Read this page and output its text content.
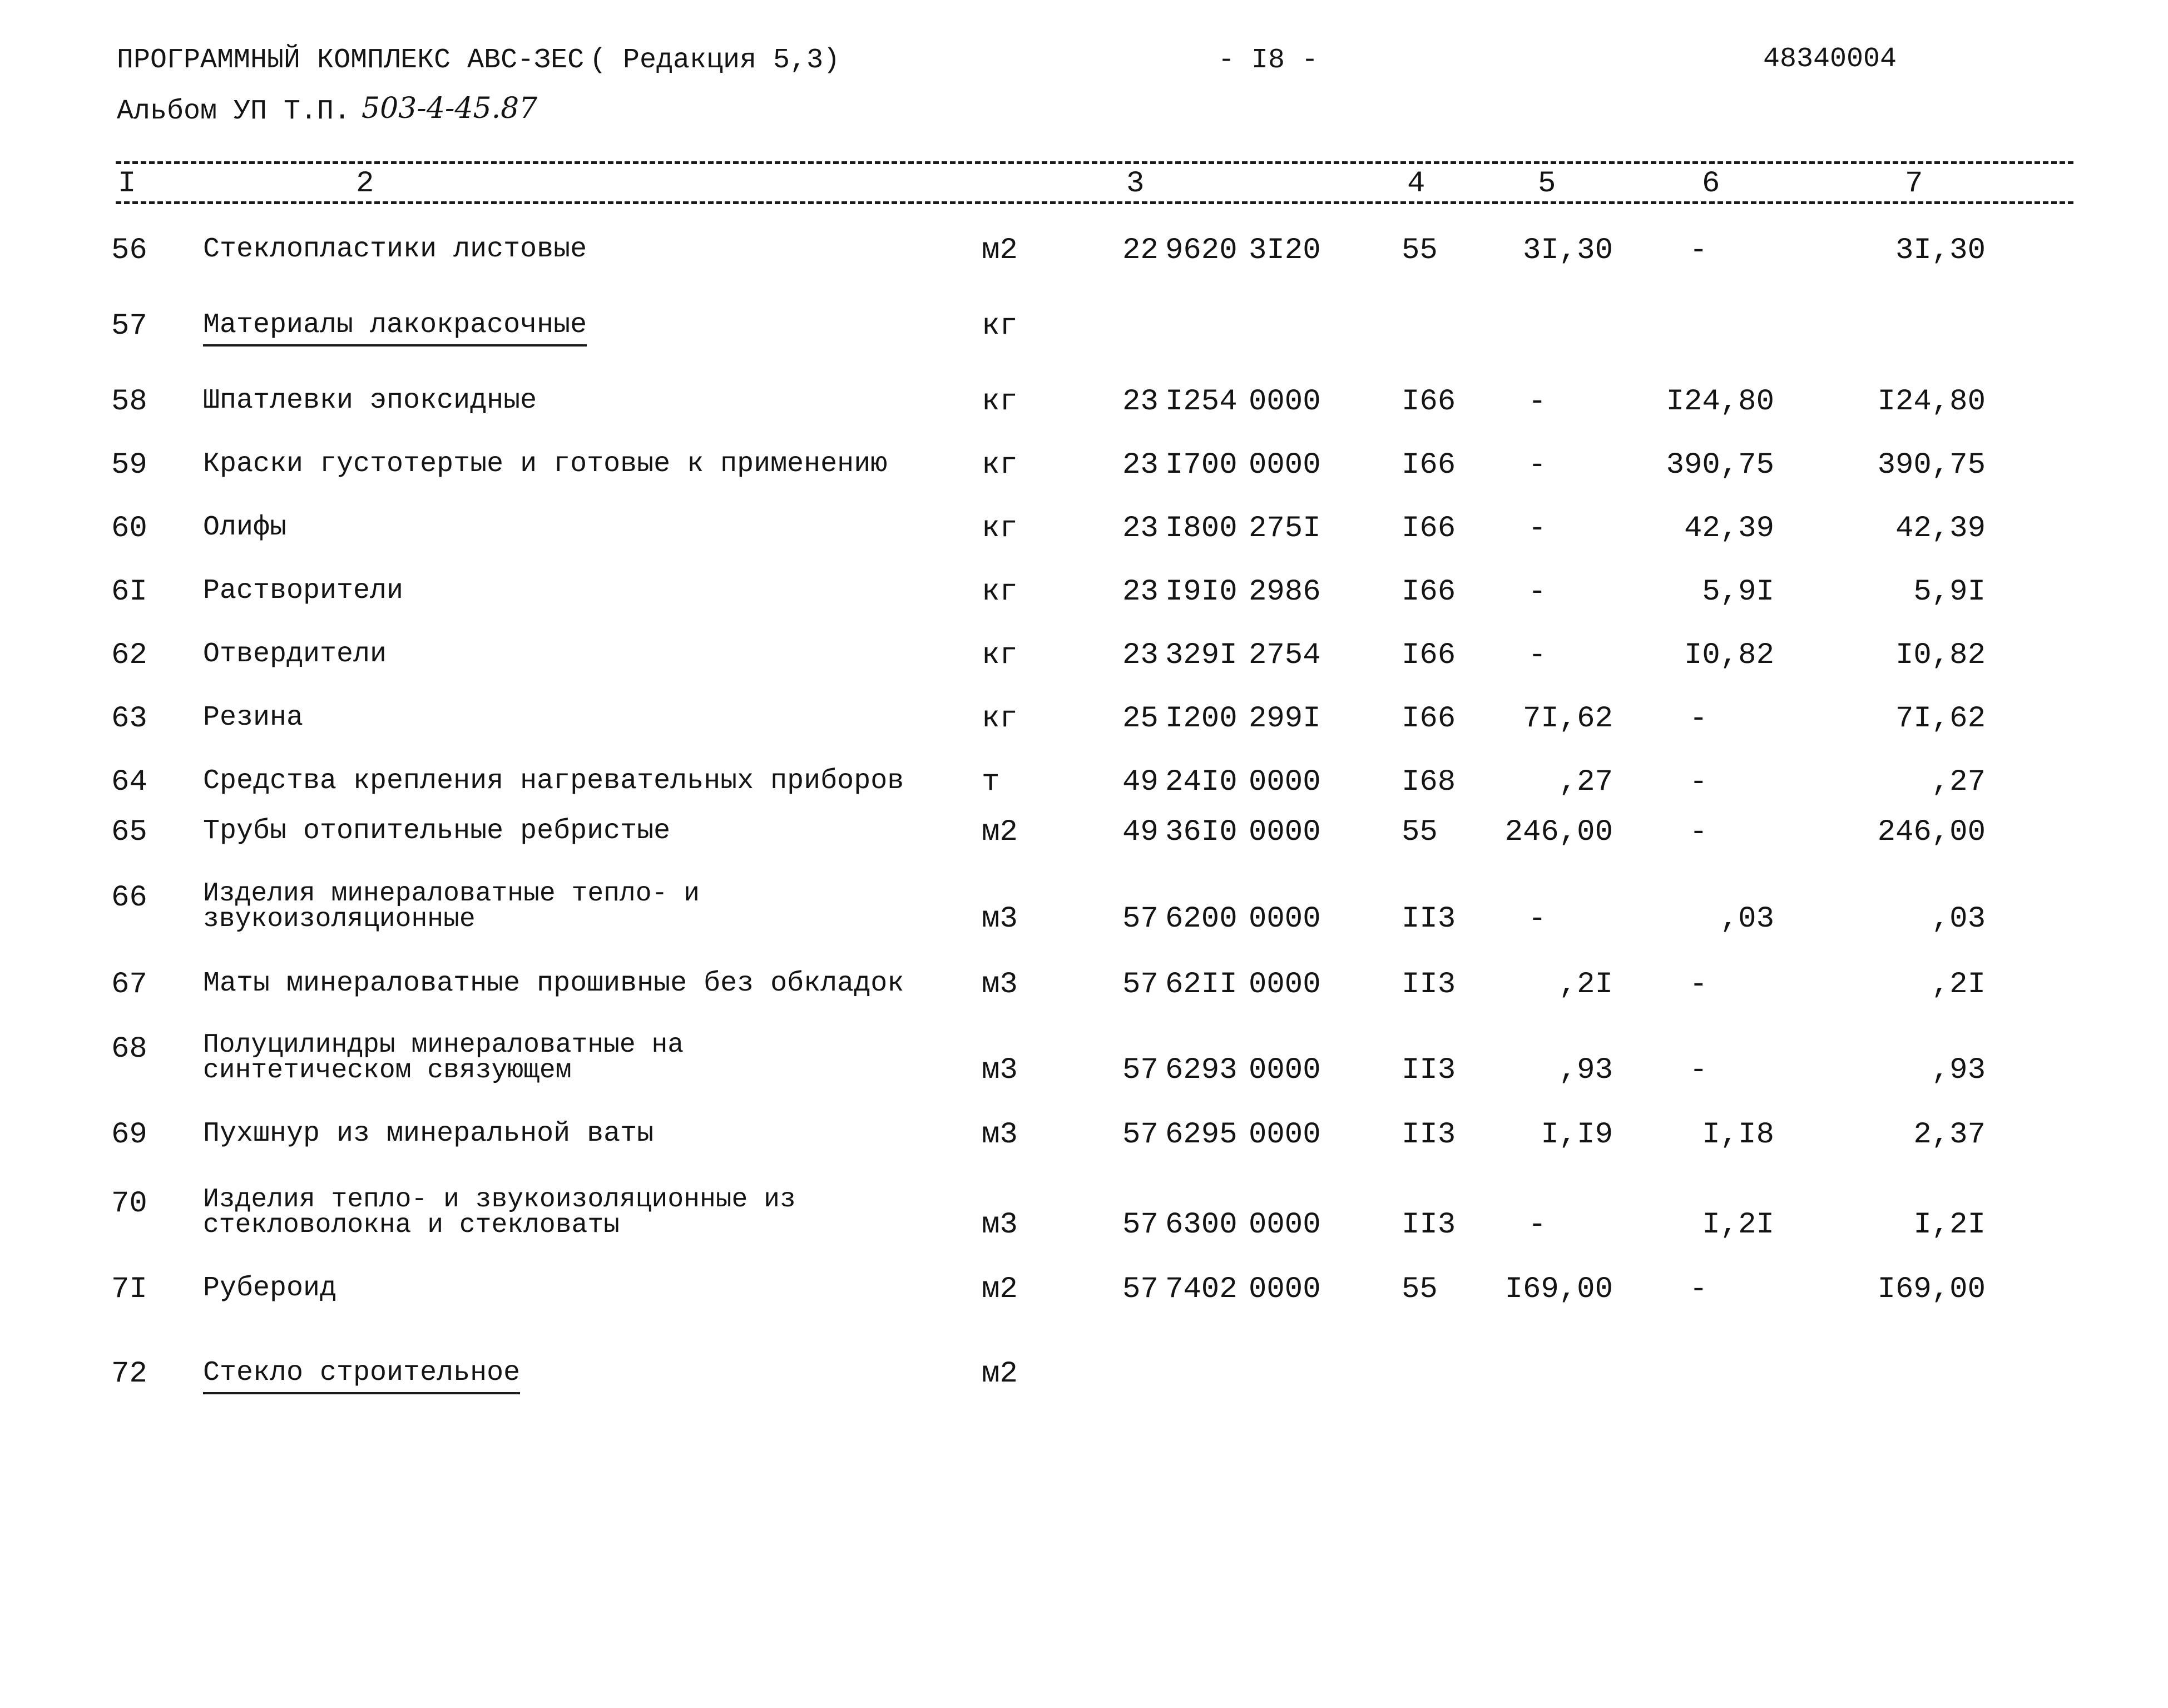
ПРОГРАММНЫЙ КОМПЛЕКС АВС-ЗЕС ( Редакция 5,3)	- I8 -	48340004
Альбом УП Т.П. 503-4-45.87
I	2	3	4	5	6	7
56 Стеклопластики листовые	м2	22 9620 3I20	55	3I,30	-	3I,30
57 Материалы лакокрасочные	кг
58 Шпатлевки эпоксидные	кг	23 I254 0000	I66	-	I24,80	I24,80
59 Краски густотертые и готовые к применению	кг	23 I700 0000	I66	-	390,75	390,75
60 Олифы	кг	23 I800 275I	I66	-	42,39	42,39
6I Растворители	кг	23 I9I0 2986	I66	-	5,9I	5,9I
62 Отвердители	кг	23 329I 2754	I66	-	I0,82	I0,82
63 Резина	кг	25 I200 299I	I66	7I,62	-	7I,62
64 Средства крепления нагревательных приборов	т	49 24I0 0000	I68	,27	-	,27
65 Трубы отопительные ребристые	м2	49 36I0 0000	55	246,00	-	246,00
66 Изделия минераловатные тепло- и
звукоизоляционные	м3	57 6200 0000	II3	-	,03	,03
67 Маты минераловатные прошивные без обкладок	м3	57 62II 0000	II3	,2I	-	,2I
68 Полуцилиндры минераловатные на
синтетическом связующем	м3	57 6293 0000	II3	,93	-	,93
69 Пухшнур из минеральной ваты	м3	57 6295 0000	II3	I,I9	I,I8	2,37
70 Изделия тепло- и звукоизоляционные из
стекловолокна и стекловаты	м3	57 6300 0000	II3	-	I,2I	I,2I
7I Рубероид	м2	57 7402 0000	55	I69,00	-	I69,00
72 Стекло строительное	м2
